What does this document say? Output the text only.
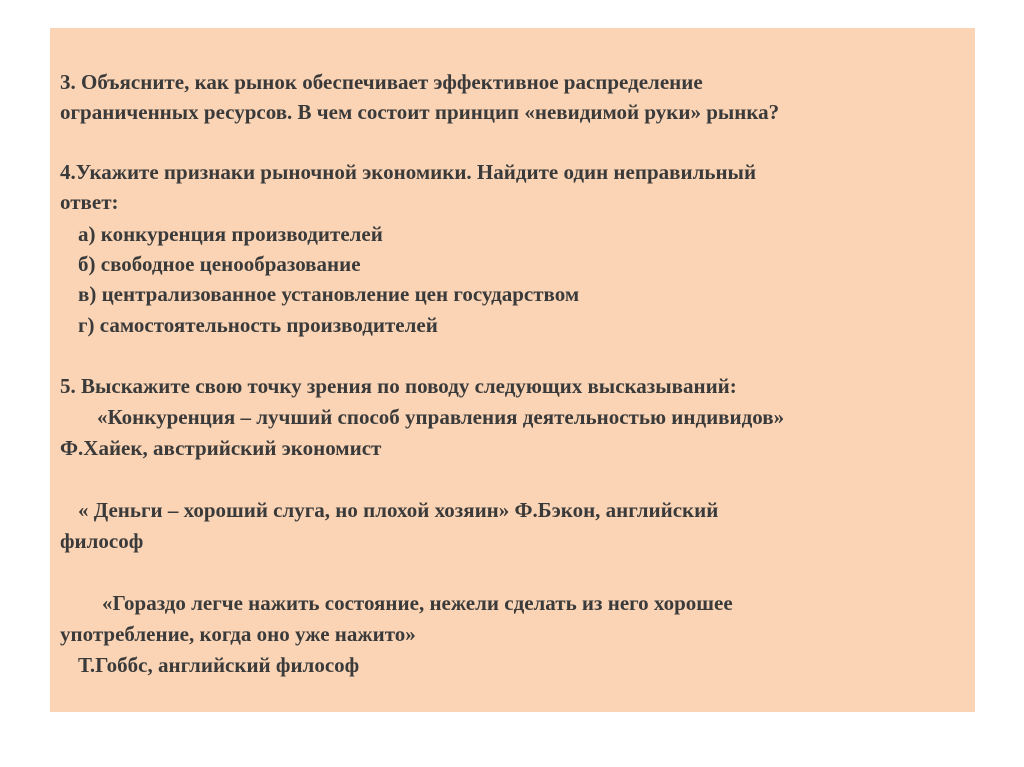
3. Объясните, как рынок обеспечивает эффективное распределение

ограниченных ресурсов. В чем состоит принцип «невидимой руки» рынка?

4.Укажите признаки рыночной экономики. Найдите один неправильный

ответ:

а) конкуренция производителей

б) свободное ценообразование

в) централизованное установление цен государством

г) самостоятельность производителей

5. Выскажите свою точку зрения по поводу следующих высказываний:

«Конкуренция – лучший способ управления деятельностью индивидов»

Ф.Хайек, австрийский экономист

« Деньги – хороший слуга, но плохой хозяин» Ф.Бэкон, английский

философ

«Гораздо легче нажить состояние, нежели сделать из него хорошее

употребление, когда оно уже нажито»

Т.Гоббс, английский философ
